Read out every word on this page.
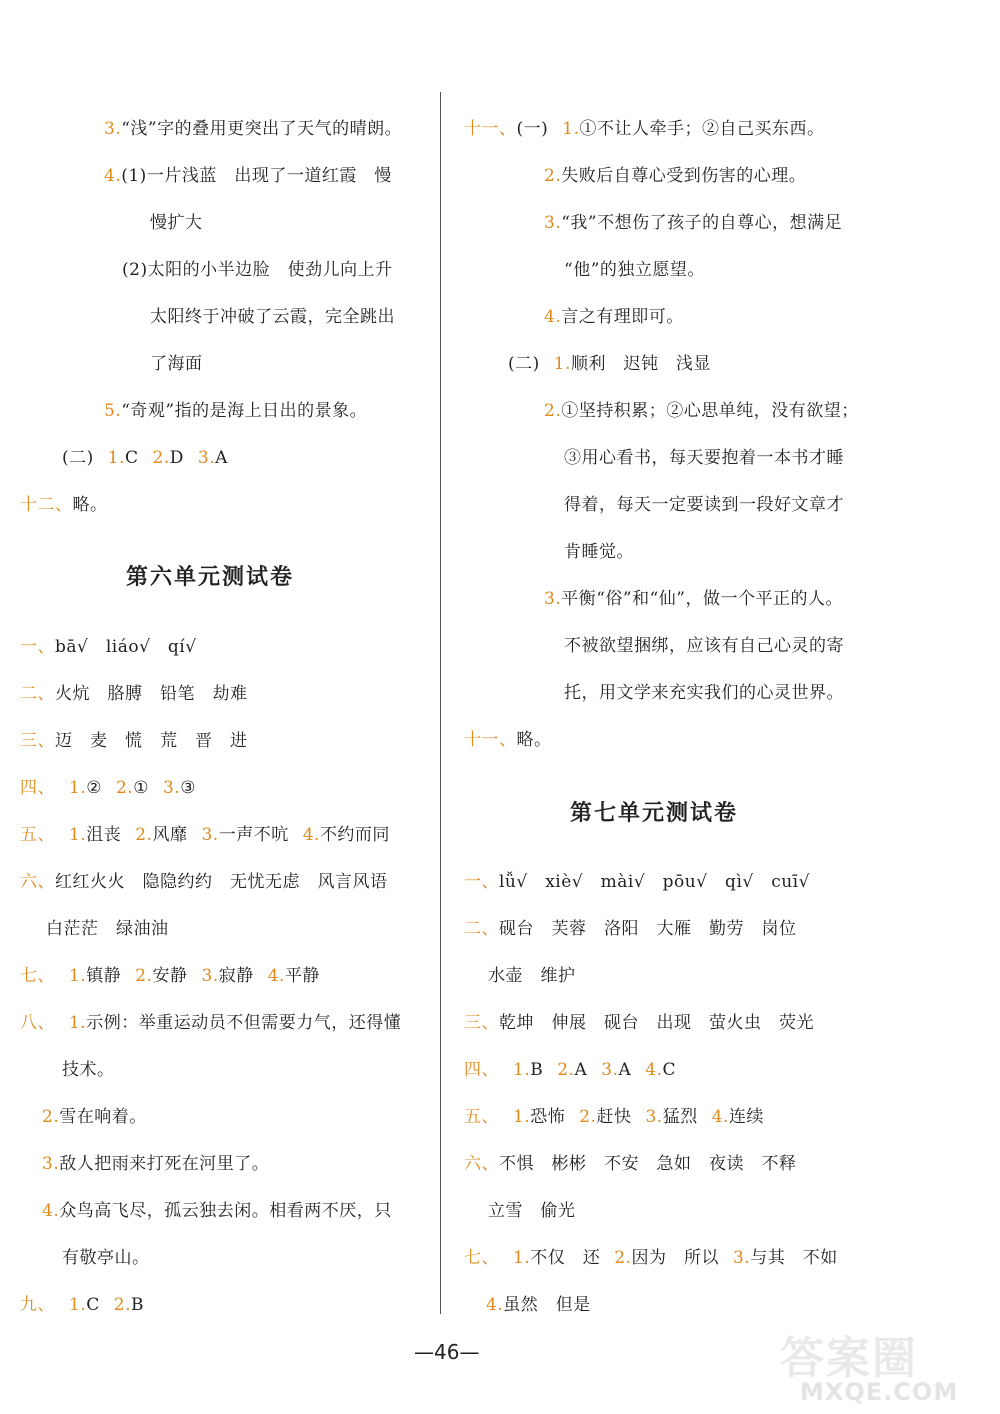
第六单元测试卷
3.“浅”字的叠用更突出了天气的晴朗。
4.(1)一片浅蓝　出现了一道红霞　慢
慢扩大
(2)太阳的小半边脸　使劲儿向上升
太阳终于冲破了云霞，完全跳出
了海面
5.“奇观”指的是海上日出的景象。
(二) 1.C 2.D 3.A
十二、略。
一、bā√　liáo√　qí√
二、火炕　胳膊　铅笔　劫难
三、迈　麦　慌　荒　晋　进
四、 1.② 2.① 3.③
五、 1.沮丧 2.风靡 3.一声不吭 4.不约而同
六、红红火火　隐隐约约　无忧无虑　风言风语
白茫茫　绿油油
七、 1.镇静 2.安静 3.寂静 4.平静
八、 1.示例：举重运动员不但需要力气，还得懂
技术。
2.雪在响着。
3.敌人把雨来打死在河里了。
4.众鸟高飞尽，孤云独去闲。相看两不厌，只
有敬亭山。
九、 1.C 2.B
第七单元测试卷
十一、(一) 1.①不让人牵手；②自己买东西。
2.失败后自尊心受到伤害的心理。
3.“我”不想伤了孩子的自尊心，想满足
“他”的独立愿望。
4.言之有理即可。
(二) 1.顺利　迟钝　浅显
2.①坚持积累；②心思单纯，没有欲望；
③用心看书，每天要抱着一本书才睡
得着，每天一定要读到一段好文章才
肯睡觉。
3.平衡“俗”和“仙”，做一个平正的人。
不被欲望捆绑，应该有自己心灵的寄
托，用文学来充实我们的心灵世界。
十一、略。
一、lǚ√　xiè√　mài√　pōu√　qì√　cuī√
二、砚台　芙蓉　洛阳　大雁　勤劳　岗位
水壶　维护
三、乾坤　伸展　砚台　出现　萤火虫　荧光
四、 1.B 2.A 3.A 4.C
五、 1.恐怖 2.赶快 3.猛烈 4.连续
六、不惧　彬彬　不安　急如　夜读　不释
立雪　偷光
七、 1.不仅　还 2.因为　所以 3.与其　不如
4.虽然　但是
—46—	答案圈
MXQE.COM
